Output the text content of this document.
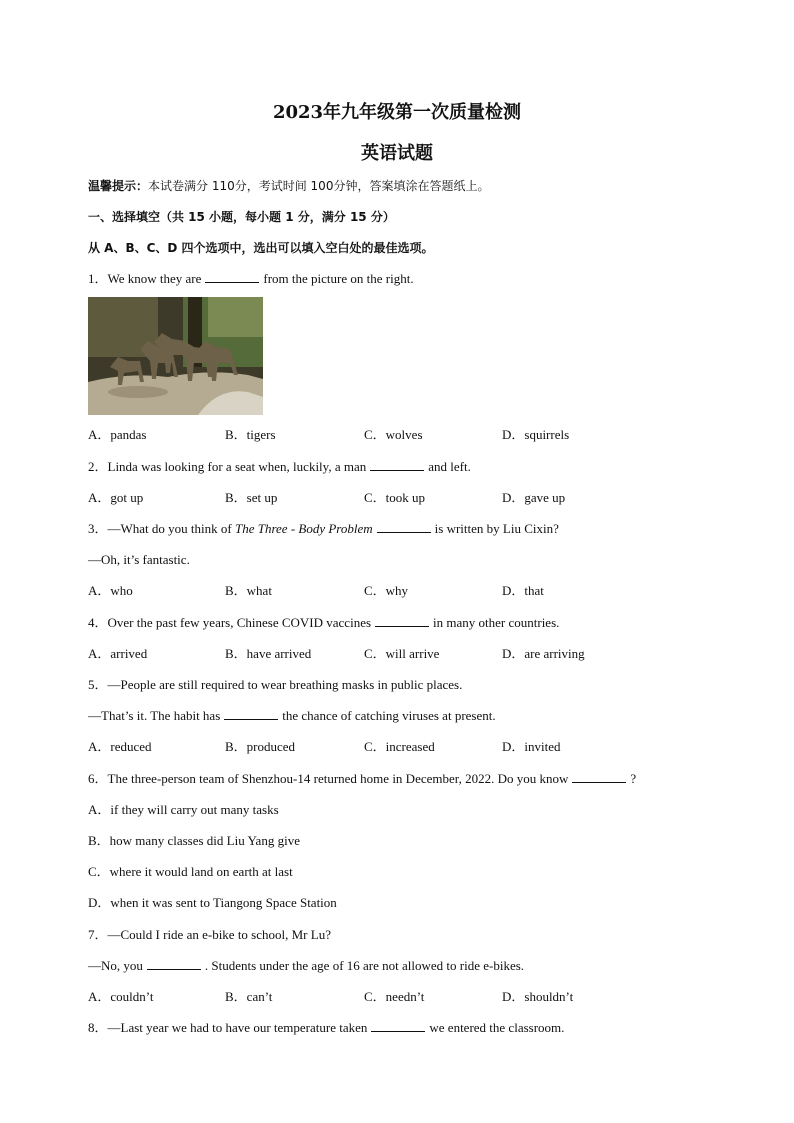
2023年九年级第一次质量检测
英语试题
温馨提示：本试卷满分 110分，考试时间 100分钟，答案填涂在答题纸上。
一、选择填空（共 15 小题，每小题 1 分，满分 15 分）
从 A、B、C、D 四个选项中，选出可以填入空白处的最佳选项。
1．We know they are	from the picture on the right.
A．pandas	B．tigers	C．wolves	D．squirrels
2．Linda was looking for a seat when, luckily, a man	and left.
A．got up	B．set up	C．took up	D．gave up
3．—What do you think of The Three - Body Problem	is written by Liu Cixin?
—Oh, it’s fantastic.
A．who	B．what	C．why	D．that
4．Over the past few years, Chinese COVID vaccines	in many other countries.
A．arrived	B．have arrived	C．will arrive	D．are arriving
5．—People are still required to wear breathing masks in public places.
—That’s it. The habit has	the chance of catching viruses at present.
A．reduced	B．produced	C．increased	D．invited
6．The three-person team of Shenzhou-14 returned home in December, 2022. Do you know	?
A．if they will carry out many tasks
B．how many classes did Liu Yang give
C．where it would land on earth at last
D．when it was sent to Tiangong Space Station
7．—Could I ride an e-bike to school, Mr Lu?
—No, you	. Students under the age of 16 are not allowed to ride e-bikes.
A．couldn’t	B．can’t	C．needn’t	D．shouldn’t
8．—Last year we had to have our temperature taken	we entered the classroom.
